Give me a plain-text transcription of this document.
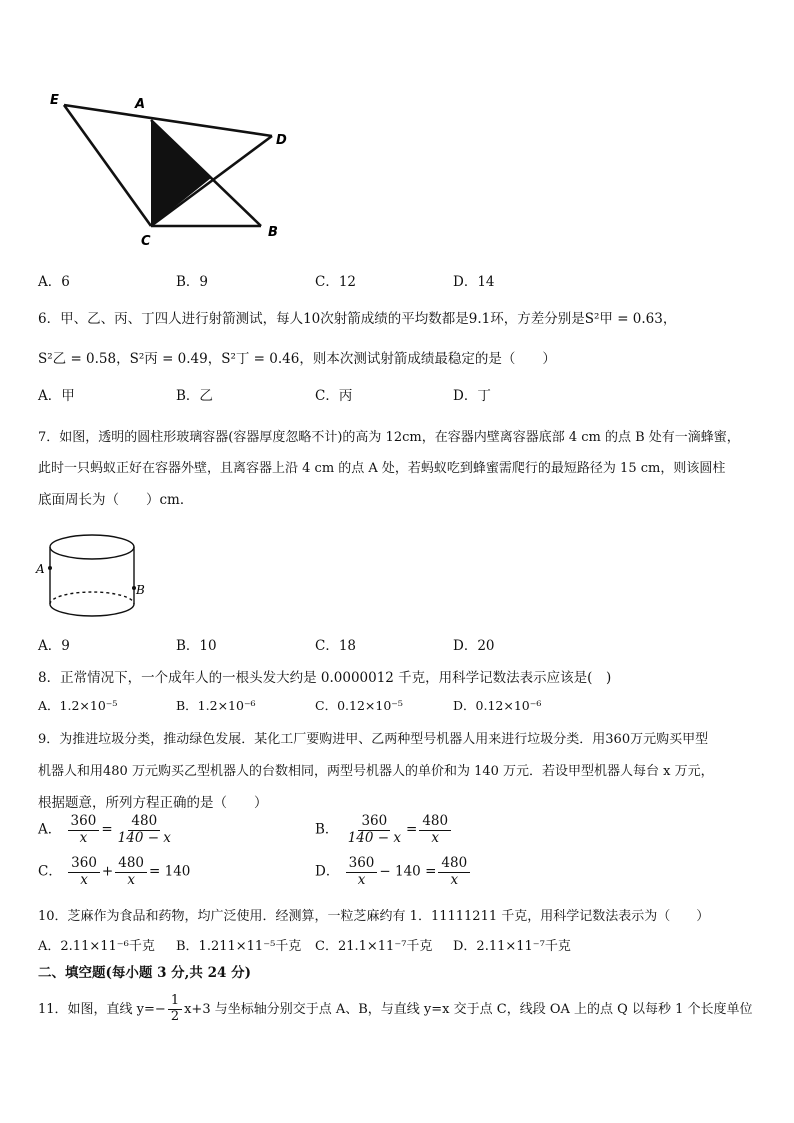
E	A
D
C
B
A．6	B．9	C．12	D．14
6．甲、乙、丙、丁四人进行射箭测试，每人10次射箭成绩的平均数都是9.1环，方差分别是S²甲 = 0.63，
S²乙 = 0.58，S²丙 = 0.49，S²丁 = 0.46，则本次测试射箭成绩最稳定的是（　　）
A．甲	B．乙	C．丙	D．丁
7．如图，透明的圆柱形玻璃容器(容器厚度忽略不计)的高为 12cm，在容器内壁离容器底部 4 cm 的点 B 处有一滴蜂蜜，
此时一只蚂蚁正好在容器外壁，且离容器上沿 4 cm 的点 A 处，若蚂蚁吃到蜂蜜需爬行的最短路径为 15 cm，则该圆柱
底面周长为（　　）cm．
A
B
A．9	B．10	C．18	D．20
8．正常情况下，一个成年人的一根头发大约是 0.0000012 千克，用科学记数法表示应该是(　)
A．1.2×10⁻⁵	B．1.2×10⁻⁶	C．0.12×10⁻⁵	D．0.12×10⁻⁶
9．为推进垃圾分类，推动绿色发展．某化工厂要购进甲、乙两种型号机器人用来进行垃圾分类．用360万元购买甲型
机器人和用480 万元购买乙型机器人的台数相同，两型号机器人的单价和为 140 万元．若设甲型机器人每台 x 万元，
根据题意，所列方程正确的是（　　）
A． $\frac{360}{x} = \frac{480}{140 - x}$	B． $\frac{360}{140 - x} = \frac{480}{x}$
C． $\frac{360}{x} + \frac{480}{x} = 140$	D． $\frac{360}{x} - 140 = \frac{480}{x}$
10．芝麻作为食品和药物，均广泛使用．经测算，一粒芝麻约有 1．11111211 千克，用科学记数法表示为（　　）
A．2.11×11⁻⁶千克 B．1.211×11⁻⁵千克 C．21.1×11⁻⁷千克 D．2.11×11⁻⁷千克
二、填空题(每小题 3 分,共 24 分)
11．如图，直线 $y=- \frac{1}{2} x+3$ 与坐标轴分别交于点 A、B，与直线 y=x 交于点 C，线段 OA 上的点 Q 以每秒 1 个长度单位
